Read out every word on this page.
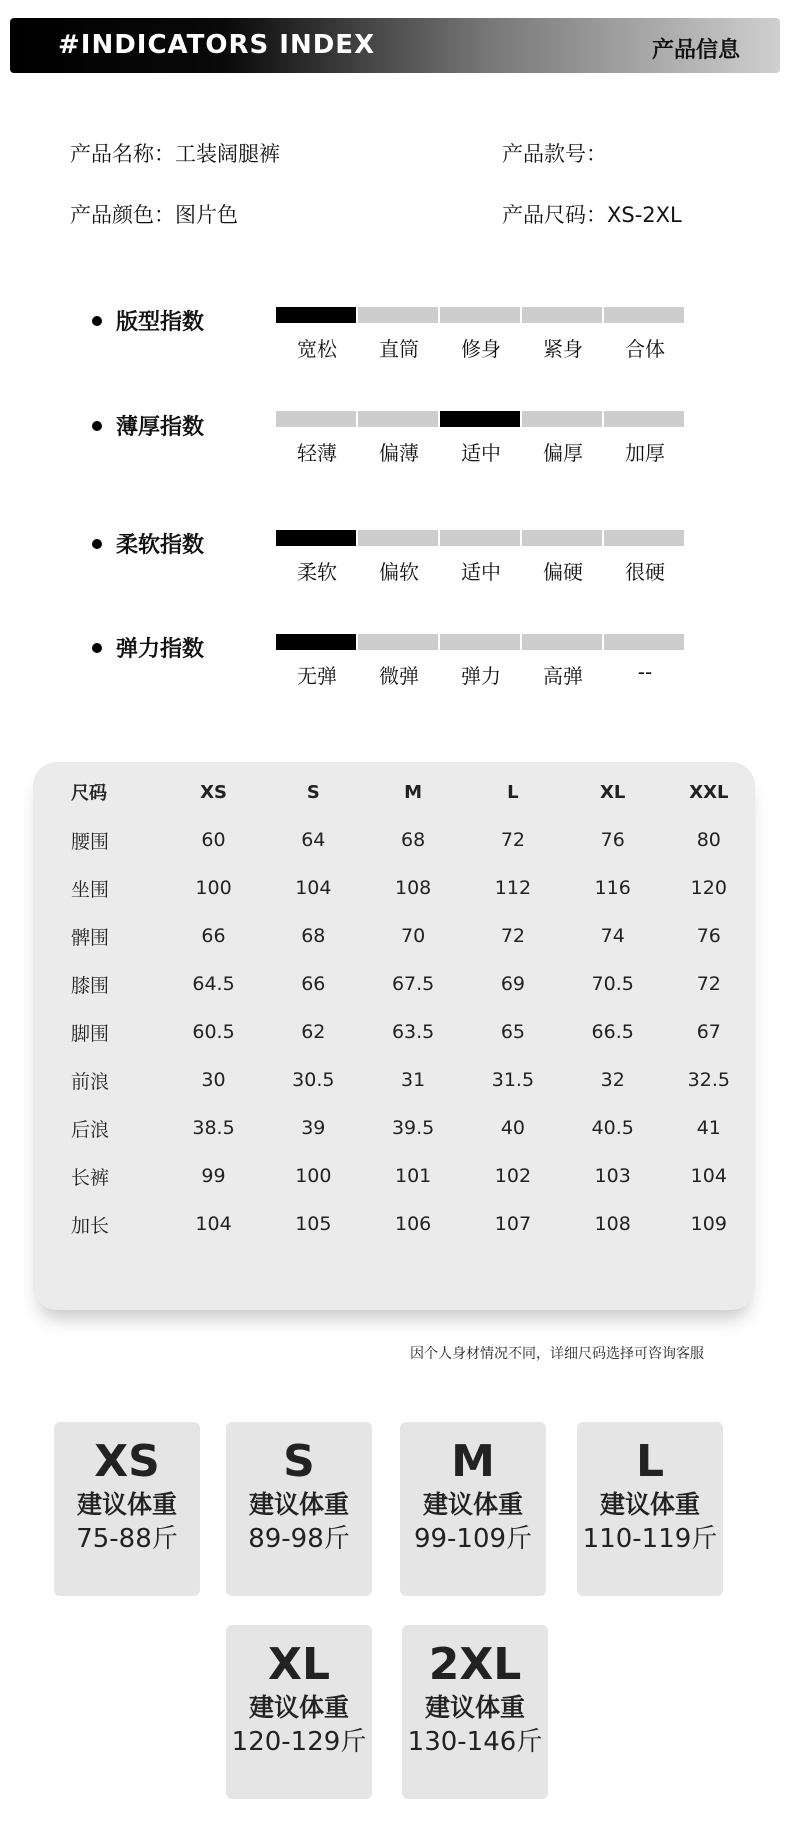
#INDICATORS INDEX	产品信息
产品名称：工装阔腿裤	产品款号：
产品颜色：图片色	产品尺码：XS-2XL
版型指数
宽松	直筒	修身	紧身	合体
薄厚指数
轻薄	偏薄	适中	偏厚	加厚
柔软指数
柔软	偏软	适中	偏硬	很硬
弹力指数
无弹	微弹	弹力	高弹	--
尺码	XS	S	M	L	XL	XXL
腰围	60	64	68	72	76	80
坐围	100	104	108	112	116	120
髀围	66	68	70	72	74	76
膝围	64.5	66	67.5	69	70.5	72
脚围	60.5	62	63.5	65	66.5	67
前浪	30	30.5	31	31.5	32	32.5
后浪	38.5	39	39.5	40	40.5	41
长裤	99	100	101	102	103	104
加长	104	105	106	107	108	109
因个人身材情况不同，详细尺码选择可咨询客服
XS
建议体重
75-88斤
S
建议体重
89-98斤
M
建议体重
99-109斤
L
建议体重
110-119斤
XL
建议体重
120-129斤
2XL
建议体重
130-146斤
